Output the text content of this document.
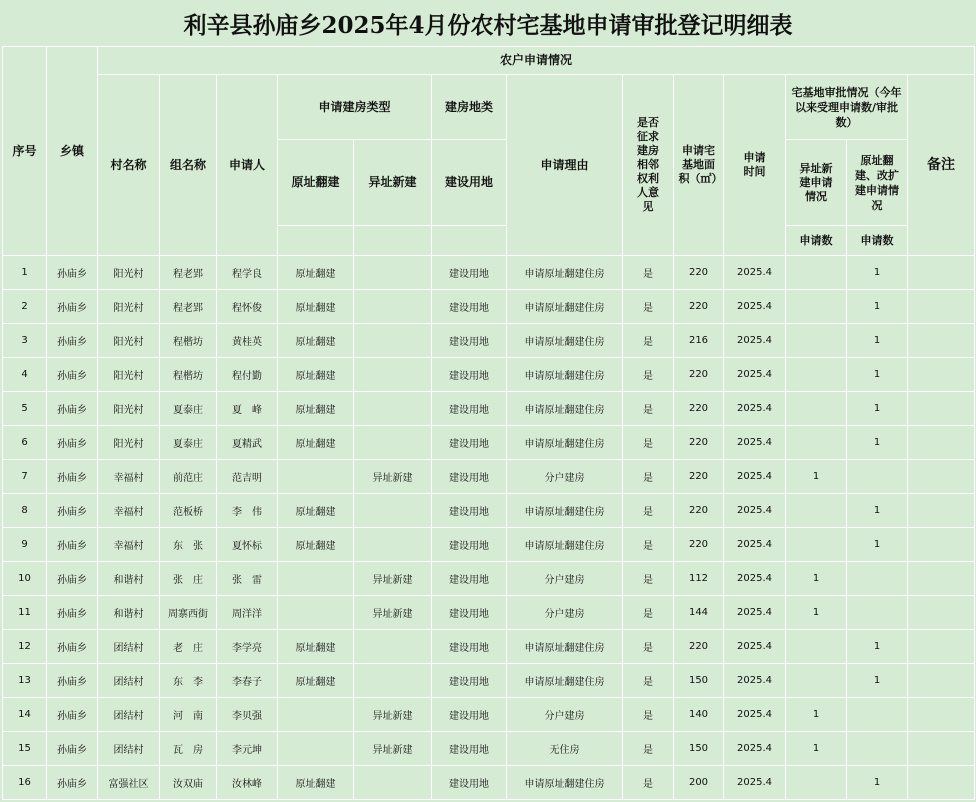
利辛县孙庙乡2025年4月份农村宅基地申请审批登记明细表
序号	乡镇	农户申请情况												
		村名称	组名称	申请人	申请建房类型		建房地类	申请理由	是否征求建房相邻权利人意见	申请宅基地面积（㎡）	申请时间	宅基地审批情况（今年以来受理申请数/审批数）		备注
					原址翻建	异址新建	建设用地					异址新建申请情况	原址翻建、改扩建申请情况	
												申请数	申请数	
1	孙庙乡	阳光村	程老郢	程学良	原址翻建		建设用地	申请原址翻建住房	是	220	2025.4		1	
2	孙庙乡	阳光村	程老郢	程怀俊	原址翻建		建设用地	申请原址翻建住房	是	220	2025.4		1	
3	孙庙乡	阳光村	程楷坊	黄桂英	原址翻建		建设用地	申请原址翻建住房	是	216	2025.4		1	
4	孙庙乡	阳光村	程楷坊	程付勤	原址翻建		建设用地	申请原址翻建住房	是	220	2025.4		1	
5	孙庙乡	阳光村	夏泰庄	夏　峰	原址翻建		建设用地	申请原址翻建住房	是	220	2025.4		1	
6	孙庙乡	阳光村	夏泰庄	夏精武	原址翻建		建设用地	申请原址翻建住房	是	220	2025.4		1	
7	孙庙乡	幸福村	前范庄	范吉明		异址新建	建设用地	分户建房	是	220	2025.4	1		
8	孙庙乡	幸福村	范板桥	李　伟	原址翻建		建设用地	申请原址翻建住房	是	220	2025.4		1	
9	孙庙乡	幸福村	东　张	夏怀标	原址翻建		建设用地	申请原址翻建住房	是	220	2025.4		1	
10	孙庙乡	和谐村	张　庄	张　雷		异址新建	建设用地	分户建房	是	112	2025.4	1		
11	孙庙乡	和谐村	周寨西街	周洋洋		异址新建	建设用地	分户建房	是	144	2025.4	1		
12	孙庙乡	团结村	老　庄	李学亮	原址翻建		建设用地	申请原址翻建住房	是	220	2025.4		1	
13	孙庙乡	团结村	东　李	李春子	原址翻建		建设用地	申请原址翻建住房	是	150	2025.4		1	
14	孙庙乡	团结村	河　南	李贝强		异址新建	建设用地	分户建房	是	140	2025.4	1		
15	孙庙乡	团结村	瓦　房	李元坤		异址新建	建设用地	无住房	是	150	2025.4	1		
16	孙庙乡	富强社区	汝双庙	汝林峰	原址翻建		建设用地	申请原址翻建住房	是	200	2025.4		1	
